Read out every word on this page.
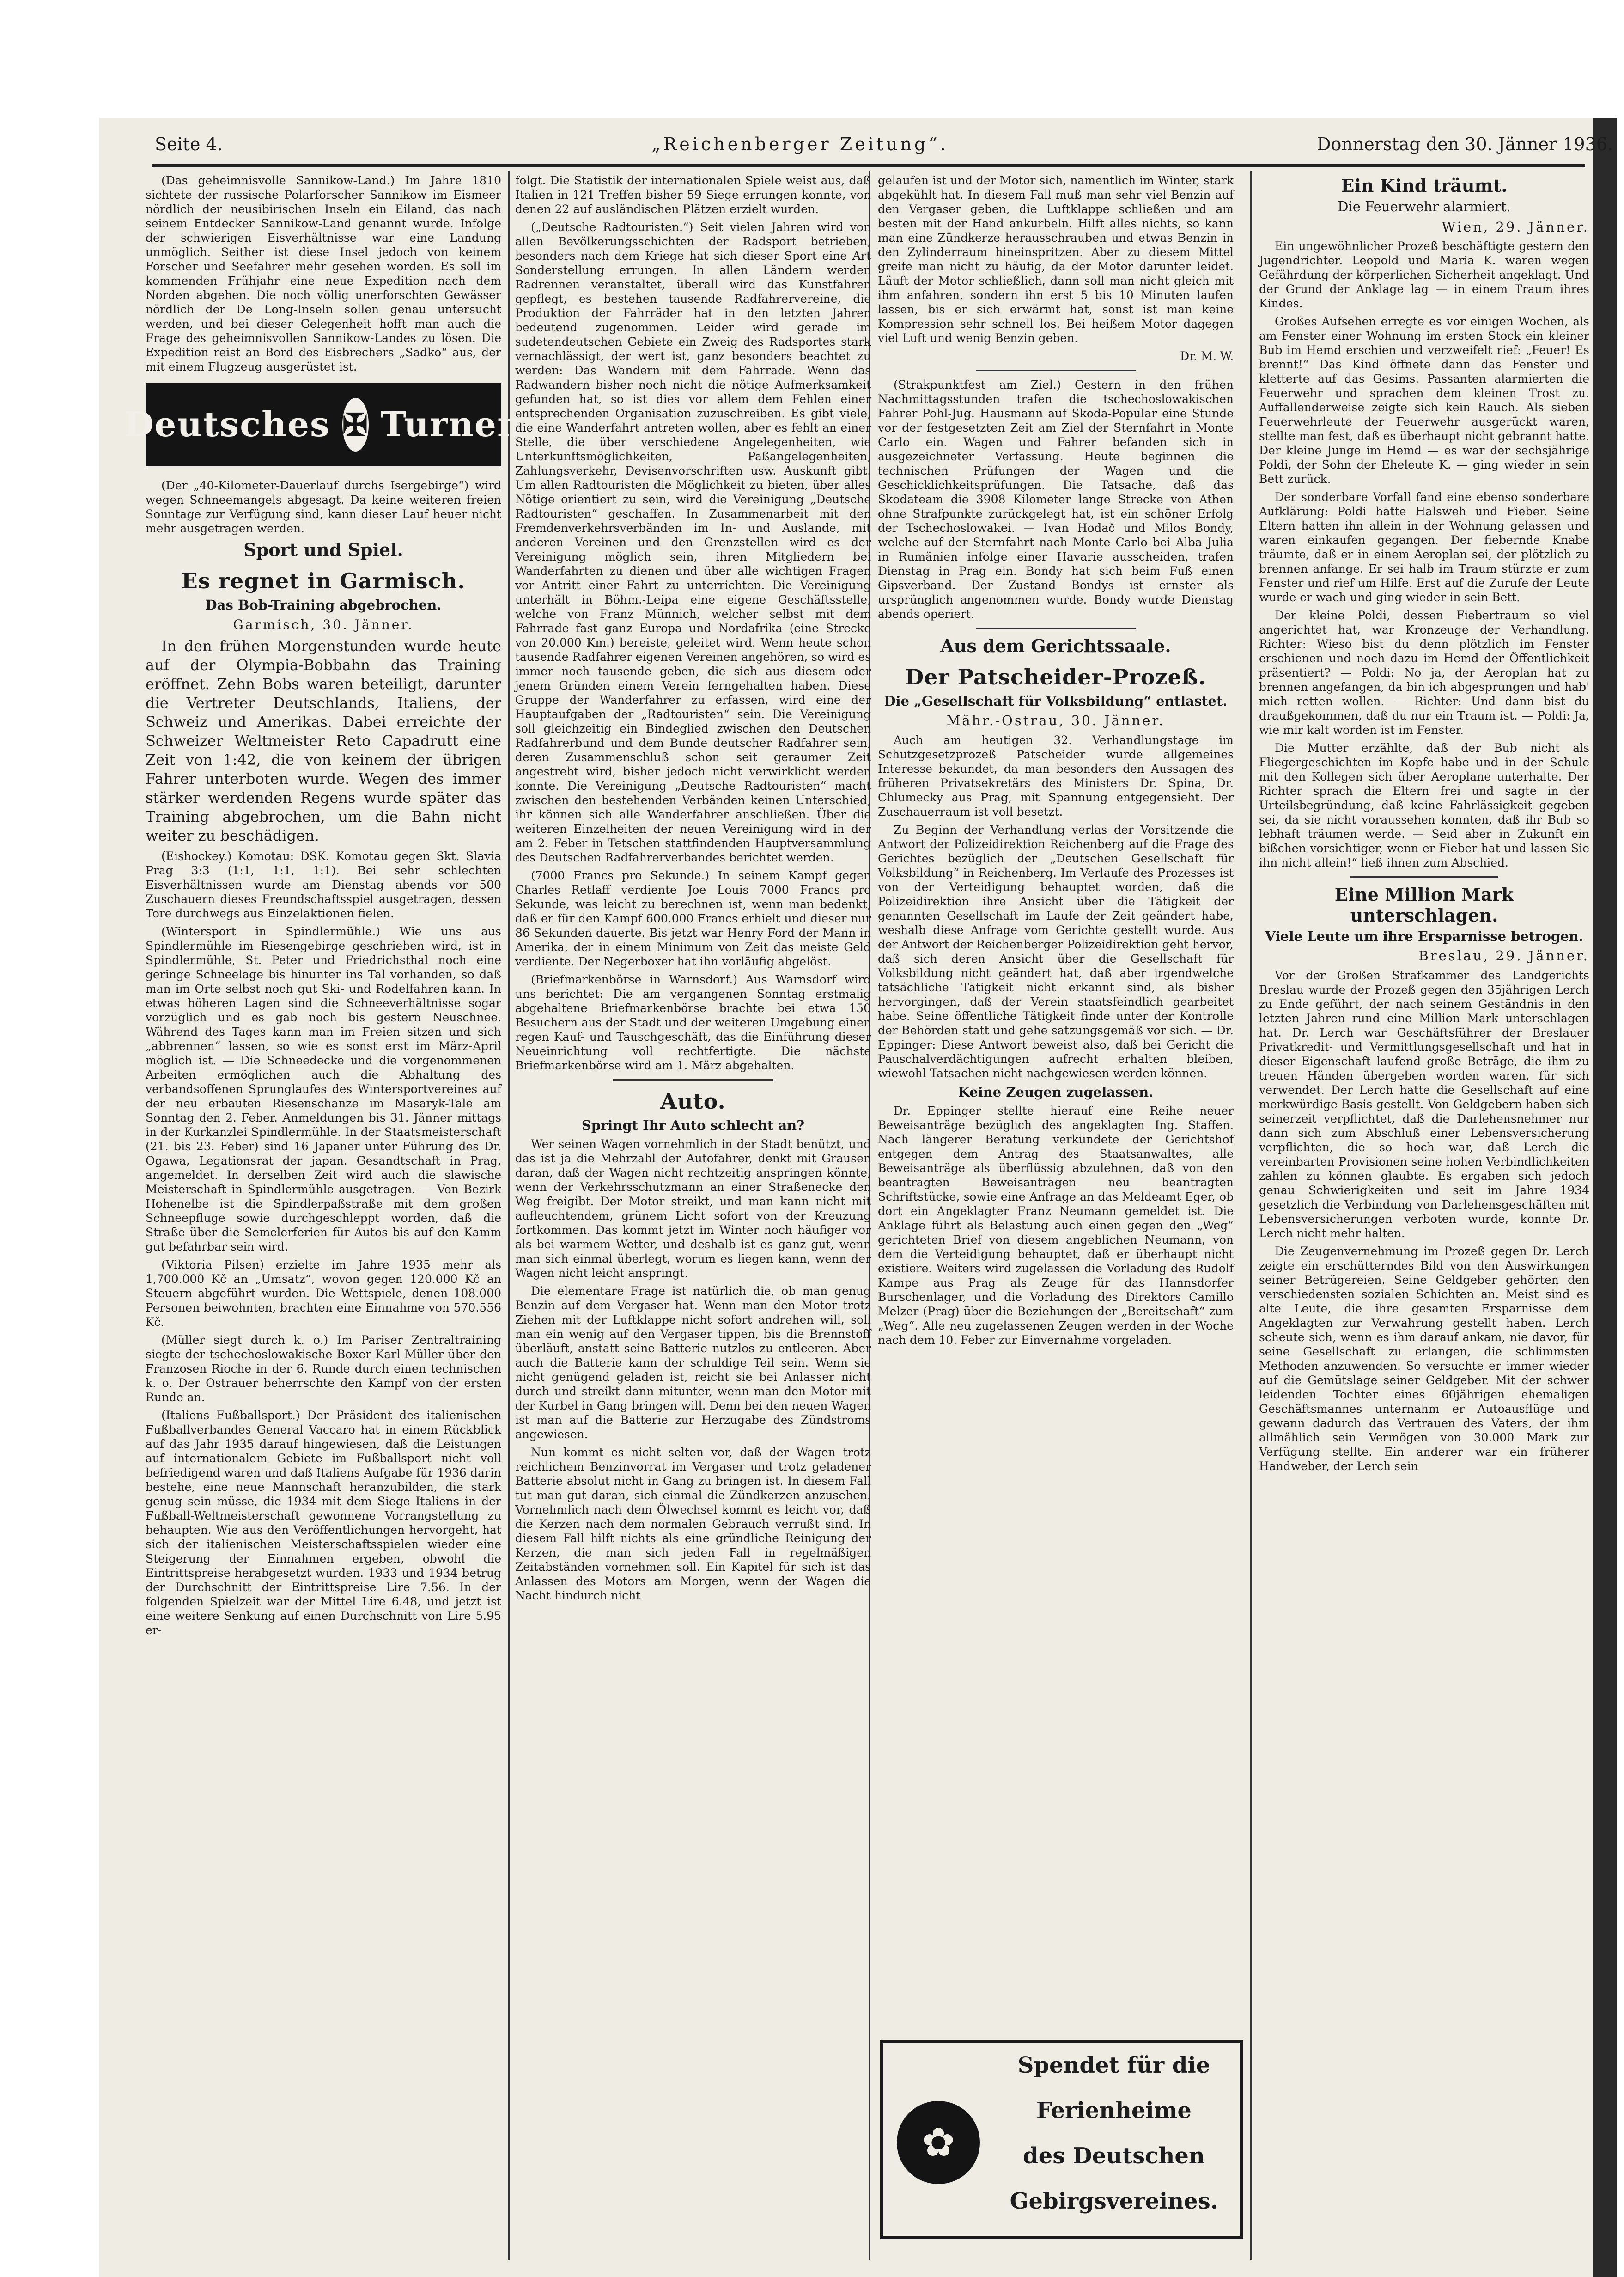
Seite 4.	„Reichenberger Zeitung“.	Donnerstag den 30. Jänner 1936.

(Das geheimnisvolle Sannikow-Land.) Im Jahre 1810 sichtete der russische Polarforscher Sannikow im Eismeer nördlich der neusibirischen Inseln ein Eiland, das nach seinem Entdecker Sannikow-Land genannt wurde. Infolge der schwierigen Eisverhältnisse war eine Landung unmöglich. Seither ist diese Insel jedoch von keinem Forscher und Seefahrer mehr gesehen worden. Es soll im kommenden Frühjahr eine neue Expedition nach dem Norden abgehen. Die noch völlig unerforschten Gewässer nördlich der De Long-Inseln sollen genau untersucht werden, und bei dieser Gelegenheit hofft man auch die Frage des geheimnisvollen Sannikow-Landes zu lösen. Die Expedition reist an Bord des Eisbrechers „Sadko“ aus, der mit einem Flugzeug ausgerüstet ist.

Deutsches ✠ Turnen

(Der „40-Kilometer-Dauerlauf durchs Isergebirge“) wird wegen Schneemangels abgesagt. Da keine weiteren freien Sonntage zur Verfügung sind, kann dieser Lauf heuer nicht mehr ausgetragen werden.

Sport und Spiel.
Es regnet in Garmisch.
Das Bob-Training abgebrochen.

Garmisch, 30. Jänner.

In den frühen Morgenstunden wurde heute auf der Olympia-Bobbahn das Training eröffnet. Zehn Bobs waren beteiligt, darunter die Vertreter Deutschlands, Italiens, der Schweiz und Amerikas. Dabei erreichte der Schweizer Weltmeister Reto Capadrutt eine Zeit von 1:42, die von keinem der übrigen Fahrer unterboten wurde. Wegen des immer stärker werdenden Regens wurde später das Training abgebrochen, um die Bahn nicht weiter zu beschädigen.

(Eishockey.) Komotau: DSK. Komotau gegen Skt. Slavia Prag 3:3 (1:1, 1:1, 1:1). Bei sehr schlechten Eisverhältnissen wurde am Dienstag abends vor 500 Zuschauern dieses Freundschaftsspiel ausgetragen, dessen Tore durchwegs aus Einzelaktionen fielen.

(Wintersport in Spindlermühle.) Wie uns aus Spindlermühle im Riesengebirge geschrieben wird, ist in Spindlermühle, St. Peter und Friedrichsthal noch eine geringe Schneelage bis hinunter ins Tal vorhanden, so daß man im Orte selbst noch gut Ski- und Rodelfahren kann. In etwas höheren Lagen sind die Schneeverhältnisse sogar vorzüglich und es gab noch bis gestern Neuschnee. Während des Tages kann man im Freien sitzen und sich „abbrennen“ lassen, so wie es sonst erst im März-April möglich ist. — Die Schneedecke und die vorgenommenen Arbeiten ermöglichen auch die Abhaltung des verbandsoffenen Sprunglaufes des Wintersportvereines auf der neu erbauten Riesenschanze im Masaryk-Tale am Sonntag den 2. Feber. Anmeldungen bis 31. Jänner mittags in der Kurkanzlei Spindlermühle. In der Staatsmeisterschaft (21. bis 23. Feber) sind 16 Japaner unter Führung des Dr. Ogawa, Legationsrat der japan. Gesandtschaft in Prag, angemeldet. In derselben Zeit wird auch die slawische Meisterschaft in Spindlermühle ausgetragen. — Von Bezirk Hohenelbe ist die Spindlerpaßstraße mit dem großen Schneepfluge sowie durchgeschleppt worden, daß die Straße über die Semelerferien für Autos bis auf den Kamm gut befahrbar sein wird.

(Viktoria Pilsen) erzielte im Jahre 1935 mehr als 1,700.000 Kč an „Umsatz“, wovon gegen 120.000 Kč an Steuern abgeführt wurden. Die Wettspiele, denen 108.000 Personen beiwohnten, brachten eine Einnahme von 570.556 Kč.

(Müller siegt durch k. o.) Im Pariser Zentraltraining siegte der tschechoslowakische Boxer Karl Müller über den Franzosen Rioche in der 6. Runde durch einen technischen k. o. Der Ostrauer beherrschte den Kampf von der ersten Runde an.

(Italiens Fußballsport.) Der Präsident des italienischen Fußballverbandes General Vaccaro hat in einem Rückblick auf das Jahr 1935 darauf hingewiesen, daß die Leistungen auf internationalem Gebiete im Fußballsport nicht voll befriedigend waren und daß Italiens Aufgabe für 1936 darin bestehe, eine neue Mannschaft heranzubilden, die stark genug sein müsse, die 1934 mit dem Siege Italiens in der Fußball-Weltmeisterschaft gewonnene Vorrangstellung zu behaupten. Wie aus den Veröffentlichungen hervorgeht, hat sich der italienischen Meisterschaftsspielen wieder eine Steigerung der Einnahmen ergeben, obwohl die Eintrittspreise herabgesetzt wurden. 1933 und 1934 betrug der Durchschnitt der Eintrittspreise Lire 7.56. In der folgenden Spielzeit war der Mittel Lire 6.48, und jetzt ist eine weitere Senkung auf einen Durchschnitt von Lire 5.95 er-

folgt. Die Statistik der internationalen Spiele weist aus, daß Italien in 121 Treffen bisher 59 Siege errungen konnte, von denen 22 auf ausländischen Plätzen erzielt wurden.

(„Deutsche Radtouristen.“) Seit vielen Jahren wird von allen Bevölkerungsschichten der Radsport betrieben, besonders nach dem Kriege hat sich dieser Sport eine Art Sonderstellung errungen. In allen Ländern werden Radrennen veranstaltet, überall wird das Kunstfahren gepflegt, es bestehen tausende Radfahrervereine, die Produktion der Fahrräder hat in den letzten Jahren bedeutend zugenommen. Leider wird gerade im sudetendeutschen Gebiete ein Zweig des Radsportes stark vernachlässigt, der wert ist, ganz besonders beachtet zu werden: Das Wandern mit dem Fahrrade. Wenn das Radwandern bisher noch nicht die nötige Aufmerksamkeit gefunden hat, so ist dies vor allem dem Fehlen einer entsprechenden Organisation zuzuschreiben. Es gibt viele, die eine Wanderfahrt antreten wollen, aber es fehlt an einer Stelle, die über verschiedene Angelegenheiten, wie Unterkunftsmöglichkeiten, Paßangelegenheiten, Zahlungsverkehr, Devisenvorschriften usw. Auskunft gibt. Um allen Radtouristen die Möglichkeit zu bieten, über alles Nötige orientiert zu sein, wird die Vereinigung „Deutsche Radtouristen“ geschaffen. In Zusammenarbeit mit den Fremdenverkehrsverbänden im In- und Auslande, mit anderen Vereinen und den Grenzstellen wird es der Vereinigung möglich sein, ihren Mitgliedern bei Wanderfahrten zu dienen und über alle wichtigen Fragen vor Antritt einer Fahrt zu unterrichten. Die Vereinigung unterhält in Böhm.-Leipa eine eigene Geschäftsstelle, welche von Franz Münnich, welcher selbst mit dem Fahrrade fast ganz Europa und Nordafrika (eine Strecke von 20.000 Km.) bereiste, geleitet wird. Wenn heute schon tausende Radfahrer eigenen Vereinen angehören, so wird es immer noch tausende geben, die sich aus diesem oder jenem Gründen einem Verein ferngehalten haben. Diese Gruppe der Wanderfahrer zu erfassen, wird eine der Hauptaufgaben der „Radtouristen“ sein. Die Vereinigung soll gleichzeitig ein Bindeglied zwischen den Deutschen Radfahrerbund und dem Bunde deutscher Radfahrer sein, deren Zusammenschluß schon seit geraumer Zeit angestrebt wird, bisher jedoch nicht verwirklicht werden konnte. Die Vereinigung „Deutsche Radtouristen“ macht zwischen den bestehenden Verbänden keinen Unterschied, ihr können sich alle Wanderfahrer anschließen. Über die weiteren Einzelheiten der neuen Vereinigung wird in der am 2. Feber in Tetschen stattfindenden Hauptversammlung des Deutschen Radfahrerverbandes berichtet werden.

(7000 Francs pro Sekunde.) In seinem Kampf gegen Charles Retlaff verdiente Joe Louis 7000 Francs pro Sekunde, was leicht zu berechnen ist, wenn man bedenkt, daß er für den Kampf 600.000 Francs erhielt und dieser nur 86 Sekunden dauerte. Bis jetzt war Henry Ford der Mann in Amerika, der in einem Minimum von Zeit das meiste Geld verdiente. Der Negerboxer hat ihn vorläufig abgelöst.

(Briefmarkenbörse in Warnsdorf.) Aus Warnsdorf wird uns berichtet: Die am vergangenen Sonntag erstmalig abgehaltene Briefmarkenbörse brachte bei etwa 150 Besuchern aus der Stadt und der weiteren Umgebung einen regen Kauf- und Tauschgeschäft, das die Einführung dieser Neueinrichtung voll rechtfertigte. Die nächste Briefmarkenbörse wird am 1. März abgehalten.

Auto.
Springt Ihr Auto schlecht an?

Wer seinen Wagen vornehmlich in der Stadt benützt, und das ist ja die Mehrzahl der Autofahrer, denkt mit Grausen daran, daß der Wagen nicht rechtzeitig anspringen könnte, wenn der Verkehrsschutzmann an einer Straßenecke den Weg freigibt. Der Motor streikt, und man kann nicht mit aufleuchtendem, grünem Licht sofort von der Kreuzung fortkommen. Das kommt jetzt im Winter noch häufiger vor als bei warmem Wetter, und deshalb ist es ganz gut, wenn man sich einmal überlegt, worum es liegen kann, wenn der Wagen nicht leicht anspringt.

Die elementare Frage ist natürlich die, ob man genug Benzin auf dem Vergaser hat. Wenn man den Motor trotz Ziehen mit der Luftklappe nicht sofort andrehen will, soll man ein wenig auf den Vergaser tippen, bis die Brennstoff überläuft, anstatt seine Batterie nutzlos zu entleeren. Aber auch die Batterie kann der schuldige Teil sein. Wenn sie nicht genügend geladen ist, reicht sie bei Anlasser nicht durch und streikt dann mitunter, wenn man den Motor mit der Kurbel in Gang bringen will. Denn bei den neuen Wagen ist man auf die Batterie zur Herzugabe des Zündstroms angewiesen.

Nun kommt es nicht selten vor, daß der Wagen trotz reichlichem Benzinvorrat im Vergaser und trotz geladener Batterie absolut nicht in Gang zu bringen ist. In diesem Fall tut man gut daran, sich einmal die Zündkerzen anzusehen. Vornehmlich nach dem Ölwechsel kommt es leicht vor, daß die Kerzen nach dem normalen Gebrauch verrußt sind. In diesem Fall hilft nichts als eine gründliche Reinigung der Kerzen, die man sich jeden Fall in regelmäßigen Zeitabständen vornehmen soll. Ein Kapitel für sich ist das Anlassen des Motors am Morgen, wenn der Wagen die Nacht hindurch nicht

gelaufen ist und der Motor sich, namentlich im Winter, stark abgekühlt hat. In diesem Fall muß man sehr viel Benzin auf den Vergaser geben, die Luftklappe schließen und am besten mit der Hand ankurbeln. Hilft alles nichts, so kann man eine Zündkerze herausschrauben und etwas Benzin in den Zylinderraum hineinspritzen. Aber zu diesem Mittel greife man nicht zu häufig, da der Motor darunter leidet. Läuft der Motor schließlich, dann soll man nicht gleich mit ihm anfahren, sondern ihn erst 5 bis 10 Minuten laufen lassen, bis er sich erwärmt hat, sonst ist man keine Kompression sehr schnell los. Bei heißem Motor dagegen viel Luft und wenig Benzin geben.

Dr. M. W.

(Strakpunktfest am Ziel.) Gestern in den frühen Nachmittagsstunden trafen die tschechoslowakischen Fahrer Pohl-Jug. Hausmann auf Skoda-Popular eine Stunde vor der festgesetzten Zeit am Ziel der Sternfahrt in Monte Carlo ein. Wagen und Fahrer befanden sich in ausgezeichneter Verfassung. Heute beginnen die technischen Prüfungen der Wagen und die Geschicklichkeitsprüfungen. Die Tatsache, daß das Skodateam die 3908 Kilometer lange Strecke von Athen ohne Strafpunkte zurückgelegt hat, ist ein schöner Erfolg der Tschechoslowakei. — Ivan Hodač und Milos Bondy, welche auf der Sternfahrt nach Monte Carlo bei Alba Julia in Rumänien infolge einer Havarie ausscheiden, trafen Dienstag in Prag ein. Bondy hat sich beim Fuß einen Gipsverband. Der Zustand Bondys ist ernster als ursprünglich angenommen wurde. Bondy wurde Dienstag abends operiert.

Aus dem Gerichtssaale.
Der Patscheider-Prozeß.
Die „Gesellschaft für Volksbildung“ entlastet.

Mähr.-Ostrau, 30. Jänner.

Auch am heutigen 32. Verhandlungstage im Schutzgesetzprozeß Patscheider wurde allgemeines Interesse bekundet, da man besonders den Aussagen des früheren Privatsekretärs des Ministers Dr. Spina, Dr. Chlumecky aus Prag, mit Spannung entgegensieht. Der Zuschauerraum ist voll besetzt.

Zu Beginn der Verhandlung verlas der Vorsitzende die Antwort der Polizeidirektion Reichenberg auf die Frage des Gerichtes bezüglich der „Deutschen Gesellschaft für Volksbildung“ in Reichenberg. Im Verlaufe des Prozesses ist von der Verteidigung behauptet worden, daß die Polizeidirektion ihre Ansicht über die Tätigkeit der genannten Gesellschaft im Laufe der Zeit geändert habe, weshalb diese Anfrage vom Gerichte gestellt wurde. Aus der Antwort der Reichenberger Polizeidirektion geht hervor, daß sich deren Ansicht über die Gesellschaft für Volksbildung nicht geändert hat, daß aber irgendwelche tatsächliche Tätigkeit nicht erkannt sind, als bisher hervorgingen, daß der Verein staatsfeindlich gearbeitet habe. Seine öffentliche Tätigkeit finde unter der Kontrolle der Behörden statt und gehe satzungsgemäß vor sich. — Dr. Eppinger: Diese Antwort beweist also, daß bei Gericht die Pauschalverdächtigungen aufrecht erhalten bleiben, wiewohl Tatsachen nicht nachgewiesen werden können.

Keine Zeugen zugelassen.

Dr. Eppinger stellte hierauf eine Reihe neuer Beweisanträge bezüglich des angeklagten Ing. Staffen. Nach längerer Beratung verkündete der Gerichtshof entgegen dem Antrag des Staatsanwaltes, alle Beweisanträge als überflüssig abzulehnen, daß von den beantragten Beweisanträgen neu beantragten Schriftstücke, sowie eine Anfrage an das Meldeamt Eger, ob dort ein Angeklagter Franz Neumann gemeldet ist. Die Anklage führt als Belastung auch einen gegen den „Weg“ gerichteten Brief von diesem angeblichen Neumann, von dem die Verteidigung behauptet, daß er überhaupt nicht existiere. Weiters wird zugelassen die Vorladung des Rudolf Kampe aus Prag als Zeuge für das Hannsdorfer Burschenlager, und die Vorladung des Direktors Camillo Melzer (Prag) über die Beziehungen der „Bereitschaft“ zum „Weg“. Alle neu zugelassenen Zeugen werden in der Woche nach dem 10. Feber zur Einvernahme vorgeladen.

✿
Spendet für die
Ferienheime
des Deutschen
Gebirgsvereines.
Ein Kind träumt.

Die Feuerwehr alarmiert.

Wien, 29. Jänner.

Ein ungewöhnlicher Prozeß beschäftigte gestern den Jugendrichter. Leopold und Maria K. waren wegen Gefährdung der körperlichen Sicherheit angeklagt. Und der Grund der Anklage lag — in einem Traum ihres Kindes.

Großes Aufsehen erregte es vor einigen Wochen, als am Fenster einer Wohnung im ersten Stock ein kleiner Bub im Hemd erschien und verzweifelt rief: „Feuer! Es brennt!“ Das Kind öffnete dann das Fenster und kletterte auf das Gesims. Passanten alarmierten die Feuerwehr und sprachen dem kleinen Trost zu. Auffallenderweise zeigte sich kein Rauch. Als sieben Feuerwehrleute der Feuerwehr ausgerückt waren, stellte man fest, daß es überhaupt nicht gebrannt hatte. Der kleine Junge im Hemd — es war der sechsjährige Poldi, der Sohn der Eheleute K. — ging wieder in sein Bett zurück.

Der sonderbare Vorfall fand eine ebenso sonderbare Aufklärung: Poldi hatte Halsweh und Fieber. Seine Eltern hatten ihn allein in der Wohnung gelassen und waren einkaufen gegangen. Der fiebernde Knabe träumte, daß er in einem Aeroplan sei, der plötzlich zu brennen anfange. Er sei halb im Traum stürzte er zum Fenster und rief um Hilfe. Erst auf die Zurufe der Leute wurde er wach und ging wieder in sein Bett.

Der kleine Poldi, dessen Fiebertraum so viel angerichtet hat, war Kronzeuge der Verhandlung. Richter: Wieso bist du denn plötzlich im Fenster erschienen und noch dazu im Hemd der Öffentlichkeit präsentiert? — Poldi: No ja, der Aeroplan hat zu brennen angefangen, da bin ich abgesprungen und hab' mich retten wollen. — Richter: Und dann bist du draußgekommen, daß du nur ein Traum ist. — Poldi: Ja, wie mir kalt worden ist im Fenster.

Die Mutter erzählte, daß der Bub nicht als Fliegergeschichten im Kopfe habe und in der Schule mit den Kollegen sich über Aeroplane unterhalte. Der Richter sprach die Eltern frei und sagte in der Urteilsbegründung, daß keine Fahrlässigkeit gegeben sei, da sie nicht voraussehen konnten, daß ihr Bub so lebhaft träumen werde. — Seid aber in Zukunft ein bißchen vorsichtiger, wenn er Fieber hat und lassen Sie ihn nicht allein!“ ließ ihnen zum Abschied.

Eine Million Mark unterschlagen.
Viele Leute um ihre Ersparnisse betrogen.

Breslau, 29. Jänner.

Vor der Großen Strafkammer des Landgerichts Breslau wurde der Prozeß gegen den 35jährigen Lerch zu Ende geführt, der nach seinem Geständnis in den letzten Jahren rund eine Million Mark unterschlagen hat. Dr. Lerch war Geschäftsführer der Breslauer Privatkredit- und Vermittlungsgesellschaft und hat in dieser Eigenschaft laufend große Beträge, die ihm zu treuen Händen übergeben worden waren, für sich verwendet. Der Lerch hatte die Gesellschaft auf eine merkwürdige Basis gestellt. Von Geldgebern haben sich seinerzeit verpflichtet, daß die Darlehensnehmer nur dann sich zum Abschluß einer Lebensversicherung verpflichten, die so hoch war, daß Lerch die vereinbarten Provisionen seine hohen Verbindlichkeiten zahlen zu können glaubte. Es ergaben sich jedoch genau Schwierigkeiten und seit im Jahre 1934 gesetzlich die Verbindung von Darlehensgeschäften mit Lebensversicherungen verboten wurde, konnte Dr. Lerch nicht mehr halten.

Die Zeugenvernehmung im Prozeß gegen Dr. Lerch zeigte ein erschütterndes Bild von den Auswirkungen seiner Betrügereien. Seine Geldgeber gehörten den verschiedensten sozialen Schichten an. Meist sind es alte Leute, die ihre gesamten Ersparnisse dem Angeklagten zur Verwahrung gestellt haben. Lerch scheute sich, wenn es ihm darauf ankam, nie davor, für seine Gesellschaft zu erlangen, die schlimmsten Methoden anzuwenden. So versuchte er immer wieder auf die Gemütslage seiner Geldgeber. Mit der schwer leidenden Tochter eines 60jährigen ehemaligen Geschäftsmannes unternahm er Autoausflüge und gewann dadurch das Vertrauen des Vaters, der ihm allmählich sein Vermögen von 30.000 Mark zur Verfügung stellte. Ein anderer war ein früherer Handweber, der Lerch sein
